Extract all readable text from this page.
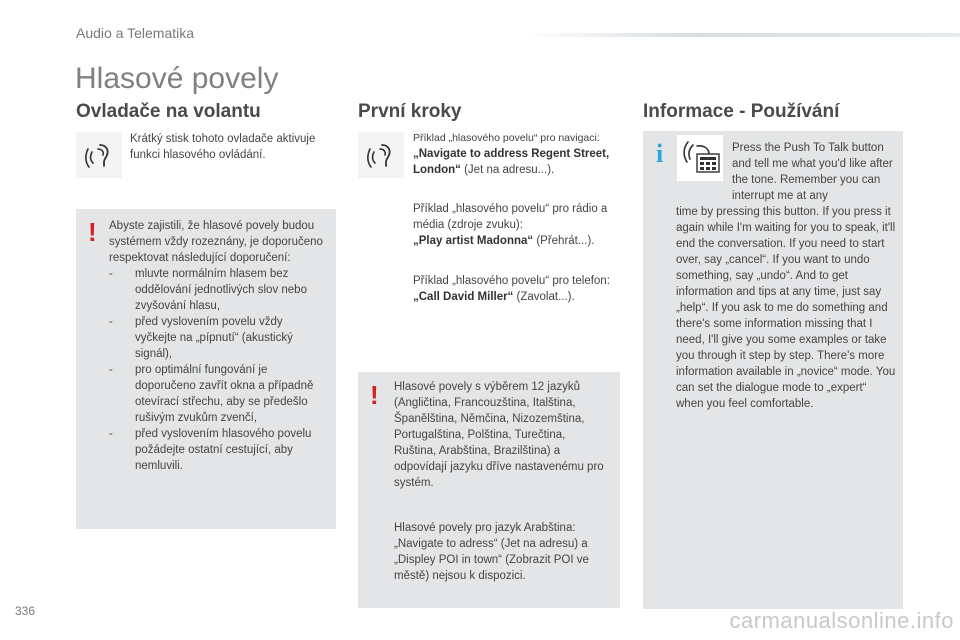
Audio a Telematika
Hlasové povely
Ovladače na volantu	První kroky	Informace - Používání
Krátký stisk tohoto ovladače aktivuje funkci hlasového ovládání.
! Abyste zajistili, že hlasové povely budou systémem vždy rozeznány, je doporučeno respektovat následující doporučení:
-	mluvte normálním hlasem bez oddělování jednotlivých slov nebo zvyšování hlasu,
-	před vyslovením povelu vždy vyčkejte na „pípnutí“ (akustický signál),
-	pro optimální fungování je doporučeno zavřít okna a případně otevírací střechu, aby se předešlo rušivým zvukům zvenčí,
-	před vyslovením hlasového povelu požádejte ostatní cestující, aby nemluvili.
Příklad „hlasového povelu“ pro navigaci:
„Navigate to address Regent Street, London“ (Jet na adresu...).
Příklad „hlasového povelu“ pro rádio a média (zdroje zvuku):
„Play artist Madonna“ (Přehrát...).
Příklad „hlasového povelu“ pro telefon:
„Call David Miller“ (Zavolat...).
! Hlasové povely s výběrem 12 jazyků (Angličtina, Francouzština, Italština, Španělština, Němčina, Nizozemština, Portugalština, Polština, Turečtina, Ruština, Arabština, Brazilština) a odpovídají jazyku dříve nastavenému pro systém.
Hlasové povely pro jazyk Arabština: „Navigate to adress“ (Jet na adresu) a „Displey POI in town“ (Zobrazit POI ve městě) nejsou k dispozici.
i	Press the Push To Talk button and tell me what you'd like after the tone. Remember you can interrupt me at any
time by pressing this button. If you press it again while I'm waiting for you to speak, it'll end the conversation. If you need to start over, say „cancel“. If you want to undo something, say „undo“. And to get information and tips at any time, just say „help“. If you ask to me do something and there's some information missing that I need, I'll give you some examples or take you through it step by step. There's more information available in „novice“ mode. You can set the dialogue mode to „expert“ when you feel comfortable.
336	carmanualsonline.info
